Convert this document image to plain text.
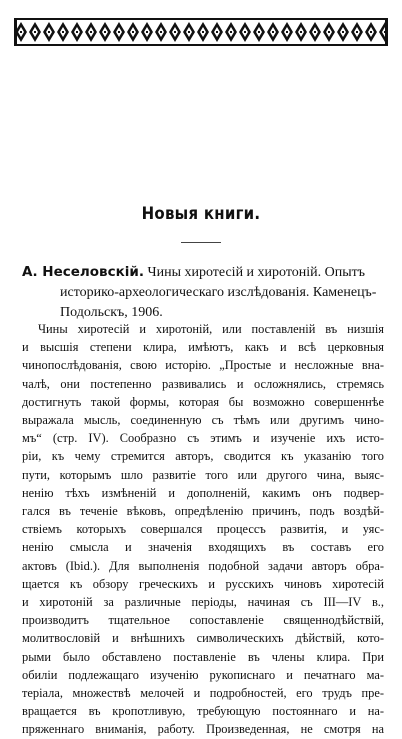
Новыя книги.
А. Неселовскій. Чины хиротесій и хиротоній. Опытъ
историко-археологическаго изслѣдованія. Каменецъ-
Подольскъ, 1906.
Чины хиротесій и хиротоній, или поставленій въ низшія
и высшія степени клира, имѣютъ, какъ и всѣ церковныя
чинопослѣдованія, свою исторію. „Простые и несложные вна-
чалѣ, они постепенно развивались и осложнялись, стремясь
достигнуть такой формы, которая бы возможно совершеннѣе
выражала мысль, соединенную съ тѣмъ или другимъ чино-
мъ“ (стр. IV). Сообразно съ этимъ и изученіе ихъ исто-
ріи, къ чему стремится авторъ, сводится къ указанію того
пути, которымъ шло развитіе того или другого чина, выяс-
ненію тѣхъ измѣненій и дополненій, какимъ онъ подвер-
гался въ теченіе вѣковъ, опредѣленію причинъ, подъ воздѣй-
ствіемъ которыхъ совершался процессъ развитія, и уяс-
ненію смысла и значенія входящихъ въ составъ его
актовъ (Ibid.). Для выполненія подобной задачи авторъ обра-
щается къ обзору греческихъ и русскихъ чиновъ хиротесій
и хиротоній за различные періоды, начиная съ III—IV в.,
производитъ тщательное сопоставленіе священнодѣйствій,
молитвословій и внѣшнихъ символическихъ дѣйствій, кото-
рыми было обставлено поставленіе въ члены клира. При
обиліи подлежащаго изученію рукописнаго и печатнаго ма-
теріала, множествѣ мелочей и подробностей, его трудъ пре-
вращается въ кропотливую, требующую постояннаго и на-
пряженнаго вниманія, работу. Произведенная, не смотря на
